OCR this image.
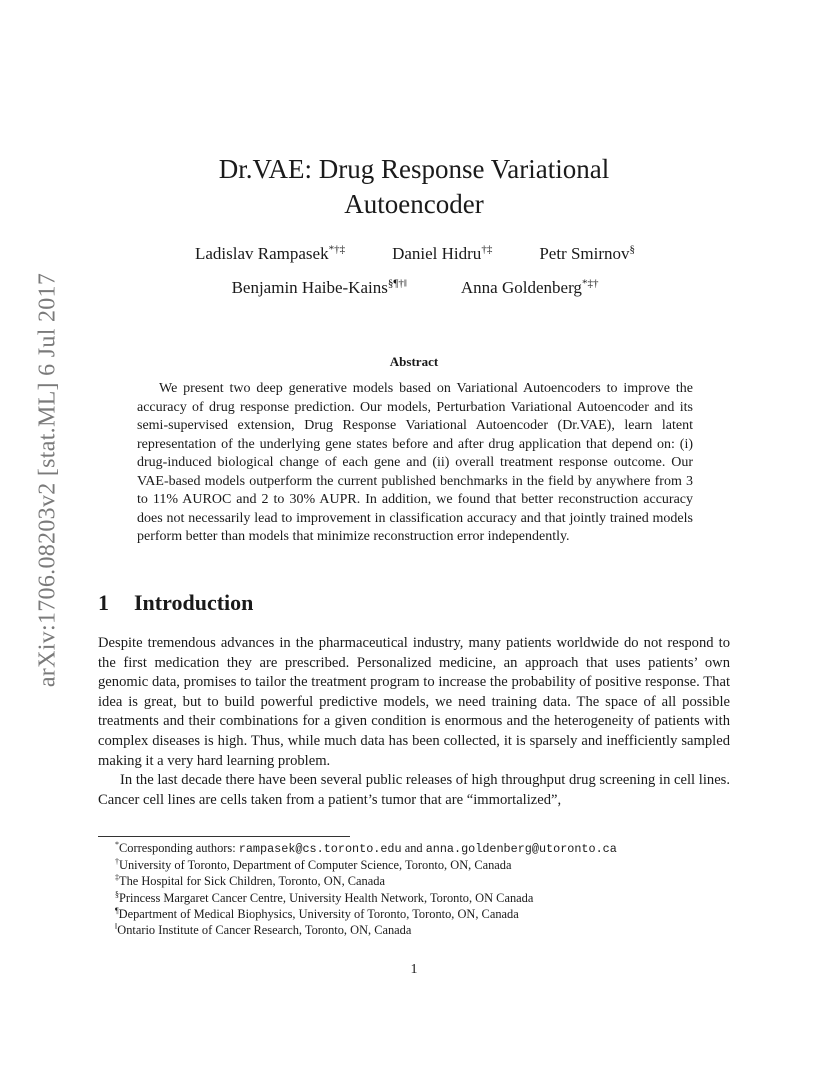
arXiv:1706.08203v2 [stat.ML] 6 Jul 2017
Dr.VAE: Drug Response Variational Autoencoder
Ladislav Rampasek*†‡	Daniel Hidru†‡	Petr Smirnov§
Benjamin Haibe-Kains§¶†‖	Anna Goldenberg*‡†
Abstract
We present two deep generative models based on Variational Autoencoders to improve the accuracy of drug response prediction. Our models, Perturbation Variational Autoencoder and its semi-supervised extension, Drug Response Variational Autoencoder (Dr.VAE), learn latent representation of the underlying gene states before and after drug application that depend on: (i) drug-induced biological change of each gene and (ii) overall treatment response outcome. Our VAE-based models outperform the current published benchmarks in the field by anywhere from 3 to 11% AUROC and 2 to 30% AUPR. In addition, we found that better reconstruction accuracy does not necessarily lead to improvement in classification accuracy and that jointly trained models perform better than models that minimize reconstruction error independently.
1 Introduction

Despite tremendous advances in the pharmaceutical industry, many patients worldwide do not respond to the first medication they are prescribed. Personalized medicine, an approach that uses patients’ own genomic data, promises to tailor the treatment program to increase the probability of positive response. That idea is great, but to build powerful predictive models, we need training data. The space of all possible treatments and their combinations for a given condition is enormous and the heterogeneity of patients with complex diseases is high. Thus, while much data has been collected, it is sparsely and inefficiently sampled making it a very hard learning problem.

In the last decade there have been several public releases of high throughput drug screening in cell lines. Cancer cell lines are cells taken from a patient’s tumor that are “immortalized”,

*Corresponding authors: rampasek@cs.toronto.edu and anna.goldenberg@utoronto.ca
†University of Toronto, Department of Computer Science, Toronto, ON, Canada
‡The Hospital for Sick Children, Toronto, ON, Canada
§Princess Margaret Cancer Centre, University Health Network, Toronto, ON Canada
¶Department of Medical Biophysics, University of Toronto, Toronto, ON, Canada
‖Ontario Institute of Cancer Research, Toronto, ON, Canada
1
